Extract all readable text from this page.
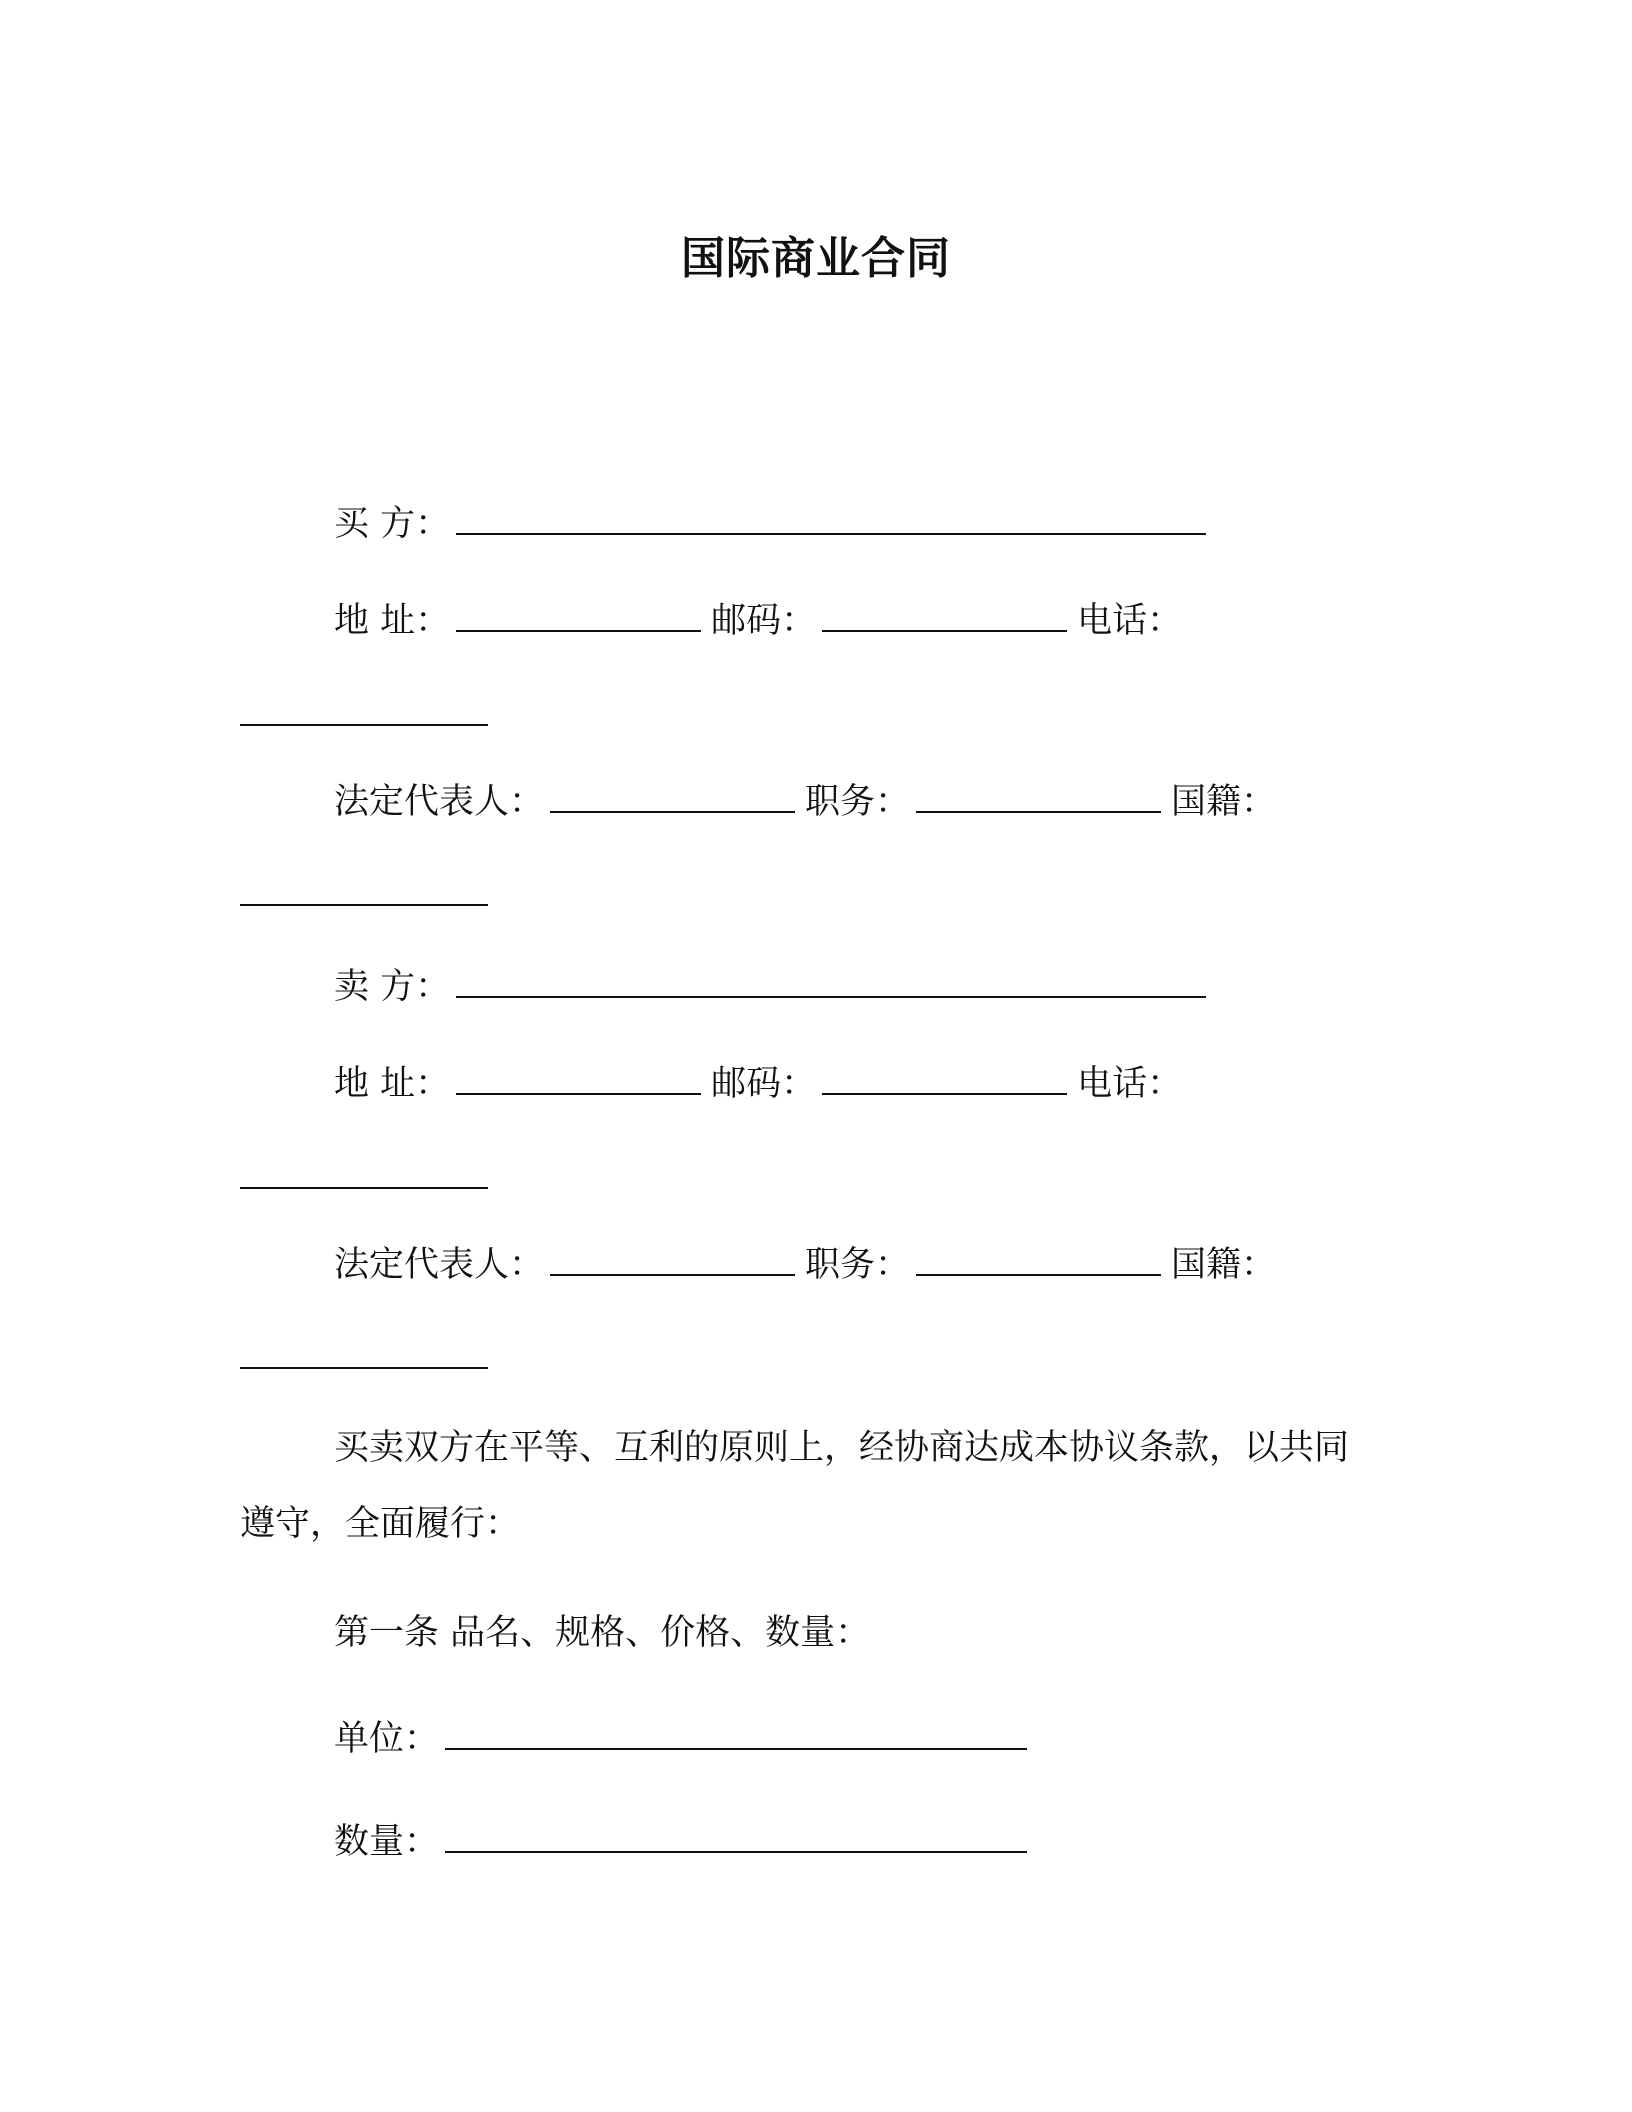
国际商业合同
买 方：
地 址：	邮码：	电话：
法定代表人：	职务：	国籍：
卖 方：
地 址：	邮码：	电话：
法定代表人：	职务：	国籍：
买卖双方在平等、互利的原则上，经协商达成本协议条款，以共同遵守，全面履行：
第一条 品名、规格、价格、数量：
单位：
数量：
